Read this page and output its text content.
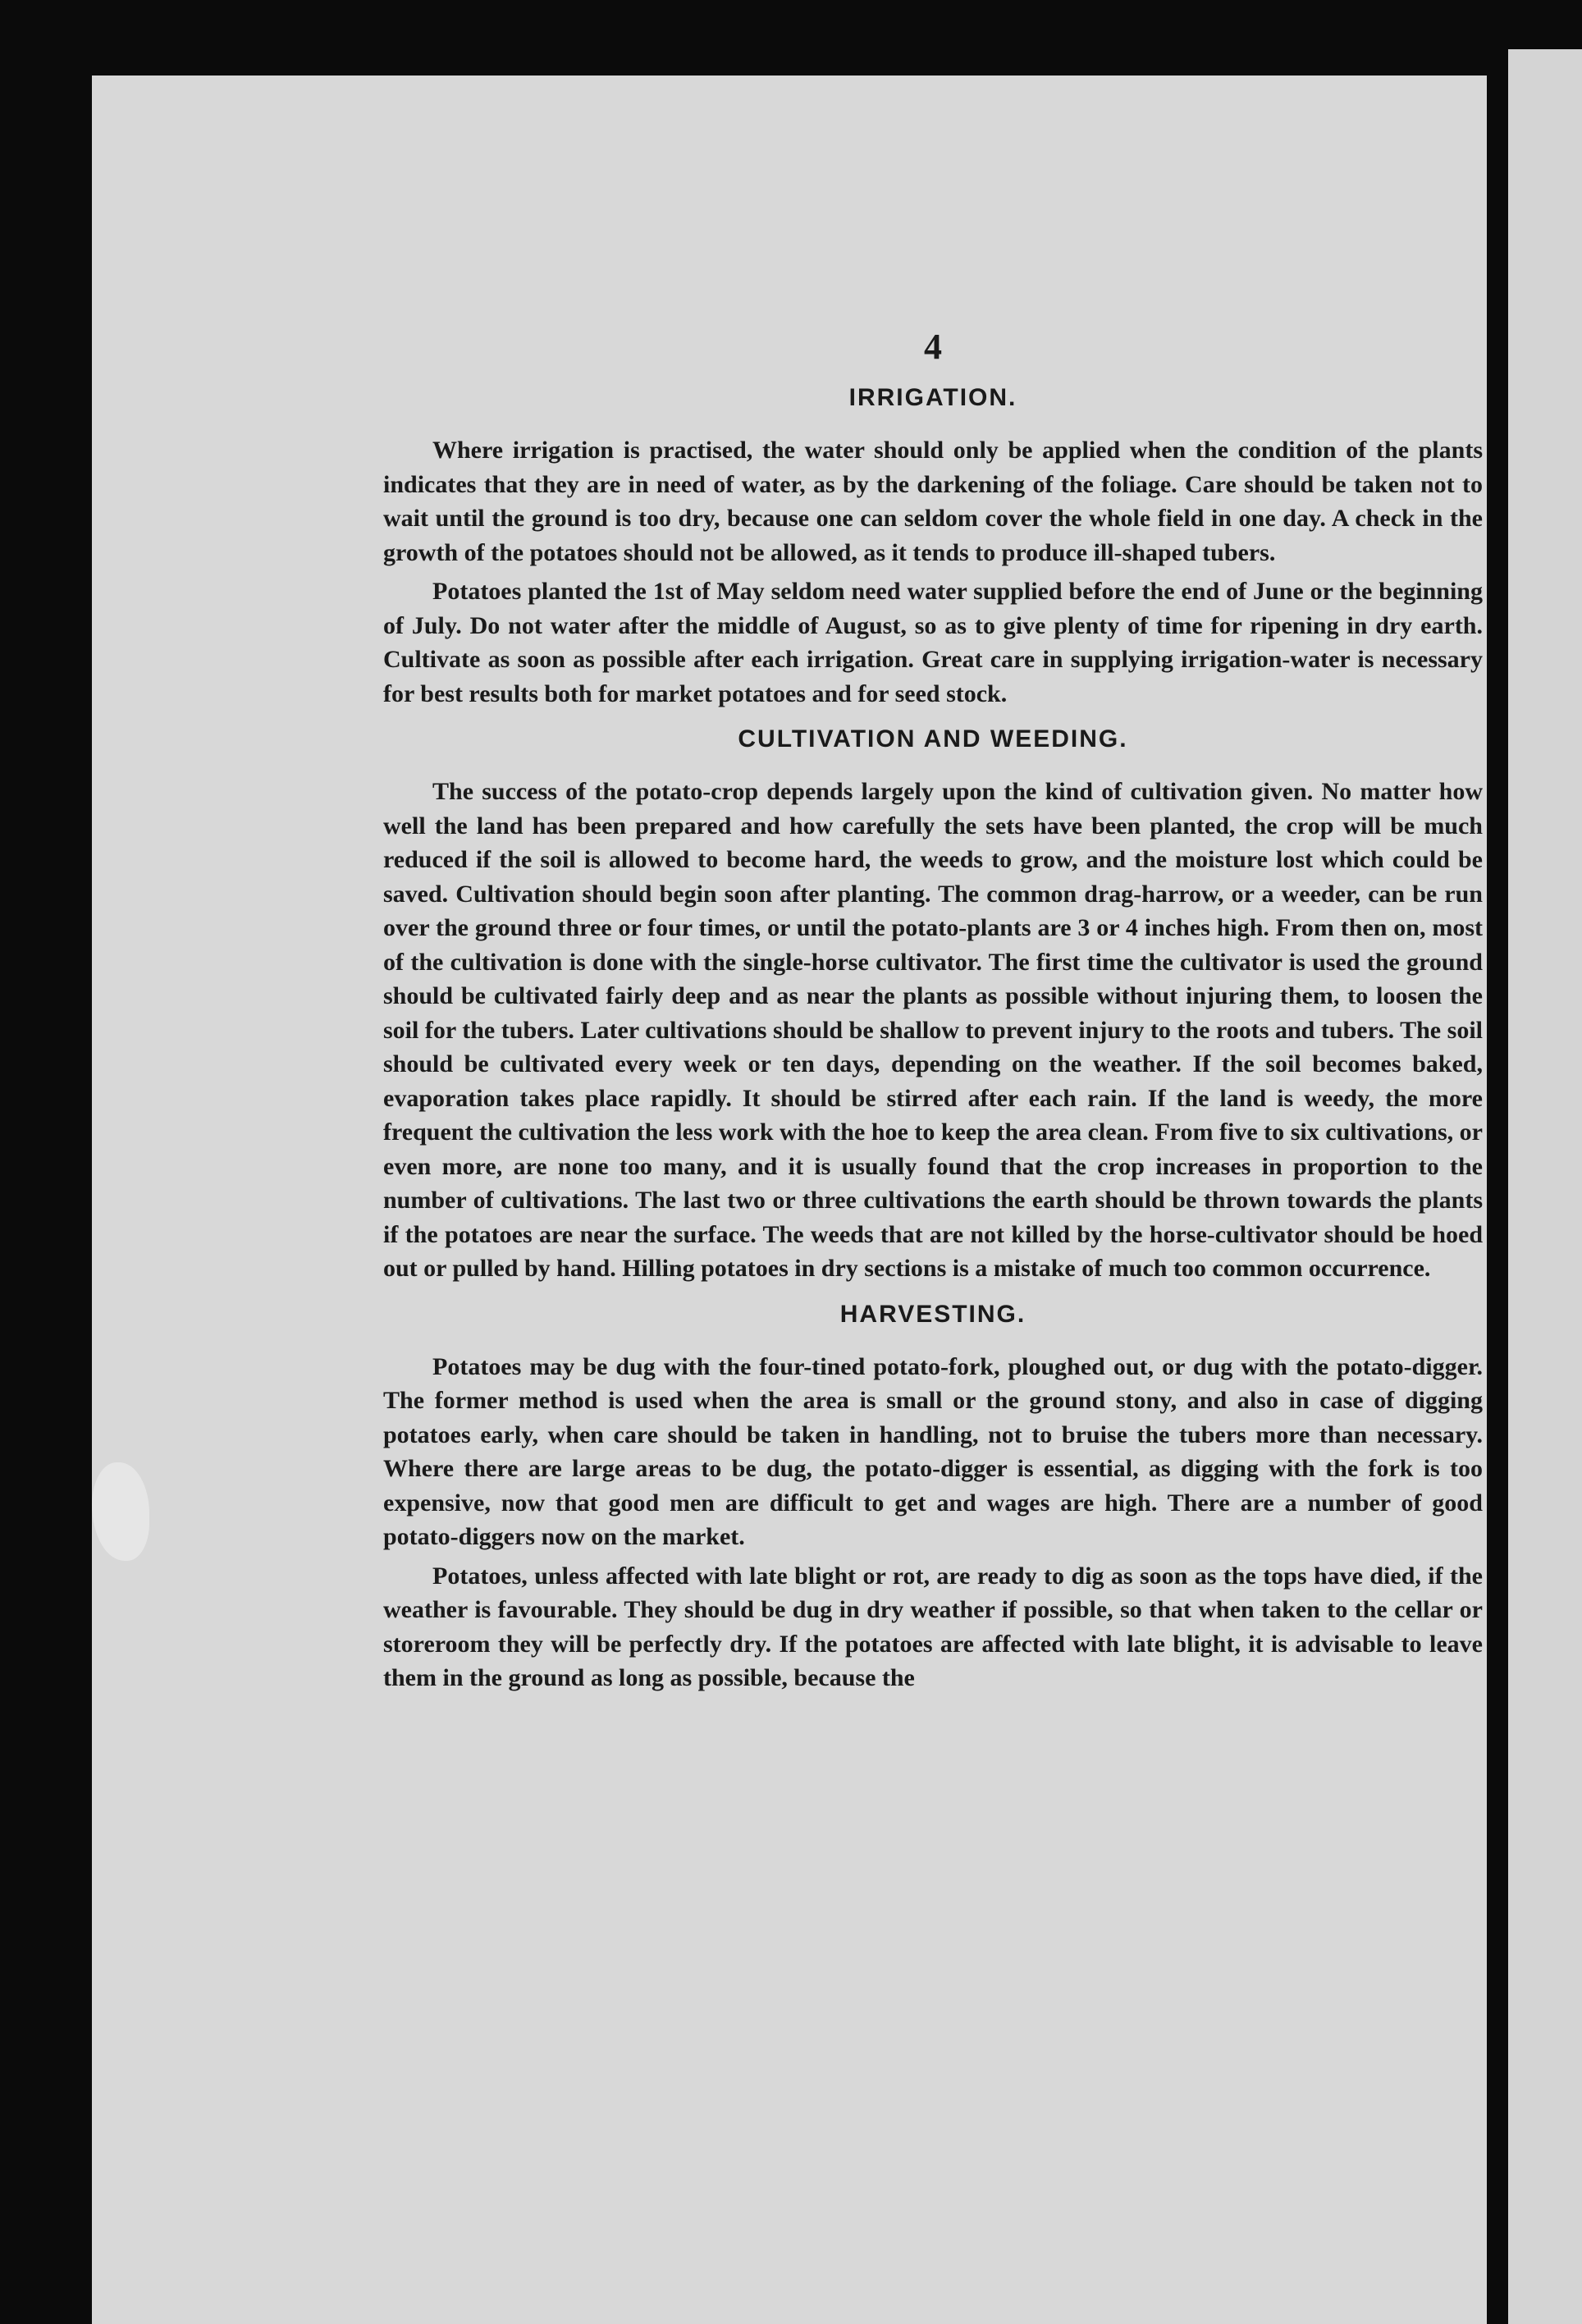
4
IRRIGATION.

Where irrigation is practised, the water should only be applied when the condition of the plants indicates that they are in need of water, as by the darkening of the foliage. Care should be taken not to wait until the ground is too dry, because one can seldom cover the whole field in one day. A check in the growth of the potatoes should not be allowed, as it tends to produce ill-shaped tubers.

Potatoes planted the 1st of May seldom need water supplied before the end of June or the beginning of July. Do not water after the middle of August, so as to give plenty of time for ripening in dry earth. Cultivate as soon as possible after each irrigation. Great care in supplying irrigation-water is necessary for best results both for market potatoes and for seed stock.

CULTIVATION AND WEEDING.

The success of the potato-crop depends largely upon the kind of cultivation given. No matter how well the land has been prepared and how carefully the sets have been planted, the crop will be much reduced if the soil is allowed to become hard, the weeds to grow, and the moisture lost which could be saved. Cultivation should begin soon after planting. The common drag-harrow, or a weeder, can be run over the ground three or four times, or until the potato-plants are 3 or 4 inches high. From then on, most of the cultivation is done with the single-horse cultivator. The first time the cultivator is used the ground should be cultivated fairly deep and as near the plants as possible without injuring them, to loosen the soil for the tubers. Later cultivations should be shallow to prevent injury to the roots and tubers. The soil should be cultivated every week or ten days, depending on the weather. If the soil becomes baked, evaporation takes place rapidly. It should be stirred after each rain. If the land is weedy, the more frequent the cultivation the less work with the hoe to keep the area clean. From five to six cultivations, or even more, are none too many, and it is usually found that the crop increases in proportion to the number of cultivations. The last two or three cultivations the earth should be thrown towards the plants if the potatoes are near the surface. The weeds that are not killed by the horse-cultivator should be hoed out or pulled by hand. Hilling potatoes in dry sections is a mistake of much too common occurrence.

HARVESTING.

Potatoes may be dug with the four-tined potato-fork, ploughed out, or dug with the potato-digger. The former method is used when the area is small or the ground stony, and also in case of digging potatoes early, when care should be taken in handling, not to bruise the tubers more than necessary. Where there are large areas to be dug, the potato-digger is essential, as digging with the fork is too expensive, now that good men are difficult to get and wages are high. There are a number of good potato-diggers now on the market.

Potatoes, unless affected with late blight or rot, are ready to dig as soon as the tops have died, if the weather is favourable. They should be dug in dry weather if possible, so that when taken to the cellar or storeroom they will be perfectly dry. If the potatoes are affected with late blight, it is advisable to leave them in the ground as long as possible, because the
